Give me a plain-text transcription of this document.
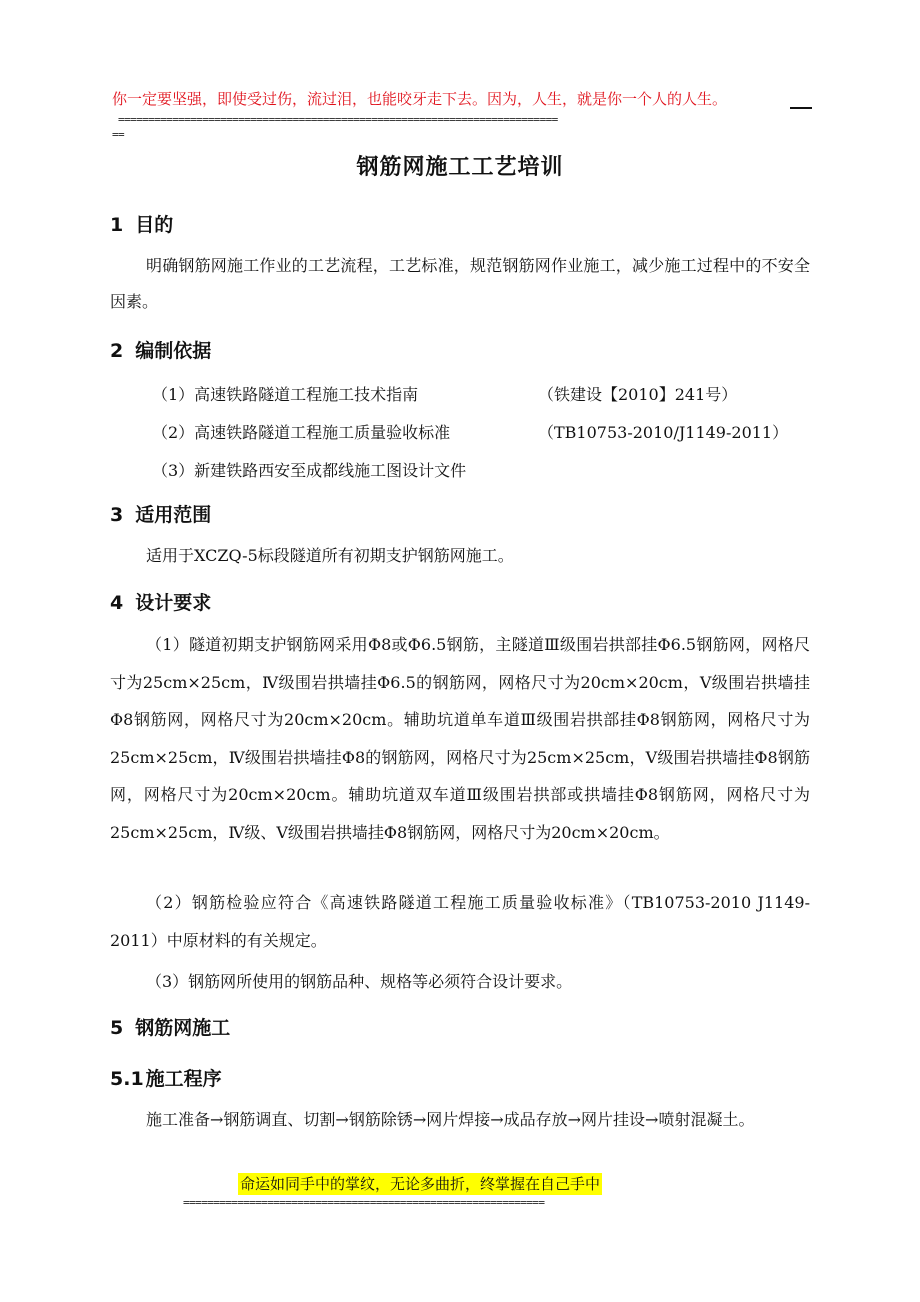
你一定要坚强，即使受过伤，流过泪，也能咬牙走下去。因为，人生，就是你一个人的人生。
=========================================================================
==
钢筋网施工工艺培训
1 目的
明确钢筋网施工作业的工艺流程，工艺标准，规范钢筋网作业施工，减少施工过程中的不安全因素。
2 编制依据
（1）高速铁路隧道工程施工技术指南	（铁建设【2010】241号）
（2）高速铁路隧道工程施工质量验收标准	（TB10753-2010/J1149-2011）
（3）新建铁路西安至成都线施工图设计文件
3 适用范围
适用于XCZQ-5标段隧道所有初期支护钢筋网施工。
4 设计要求
（1）隧道初期支护钢筋网采用Φ8或Φ6.5钢筋，主隧道Ⅲ级围岩拱部挂Φ6.5钢筋网，网格尺寸为25cm×25cm，Ⅳ级围岩拱墙挂Φ6.5的钢筋网，网格尺寸为20cm×20cm，Ⅴ级围岩拱墙挂Φ8钢筋网，网格尺寸为20cm×20cm。辅助坑道单车道Ⅲ级围岩拱部挂Φ8钢筋网，网格尺寸为25cm×25cm，Ⅳ级围岩拱墙挂Φ8的钢筋网，网格尺寸为25cm×25cm，Ⅴ级围岩拱墙挂Φ8钢筋网，网格尺寸为20cm×20cm。辅助坑道双车道Ⅲ级围岩拱部或拱墙挂Φ8钢筋网，网格尺寸为25cm×25cm，Ⅳ级、Ⅴ级围岩拱墙挂Φ8钢筋网，网格尺寸为20cm×20cm。
（2）钢筋检验应符合《高速铁路隧道工程施工质量验收标准》（TB10753-2010 J1149-2011）中原材料的有关规定。
（3）钢筋网所使用的钢筋品种、规格等必须符合设计要求。
5 钢筋网施工
5.1 施工程序
施工准备→钢筋调直、切割→钢筋除锈→网片焊接→成品存放→网片挂设→喷射混凝土。
命运如同手中的掌纹，无论多曲折，终掌握在自己手中
============================================================
